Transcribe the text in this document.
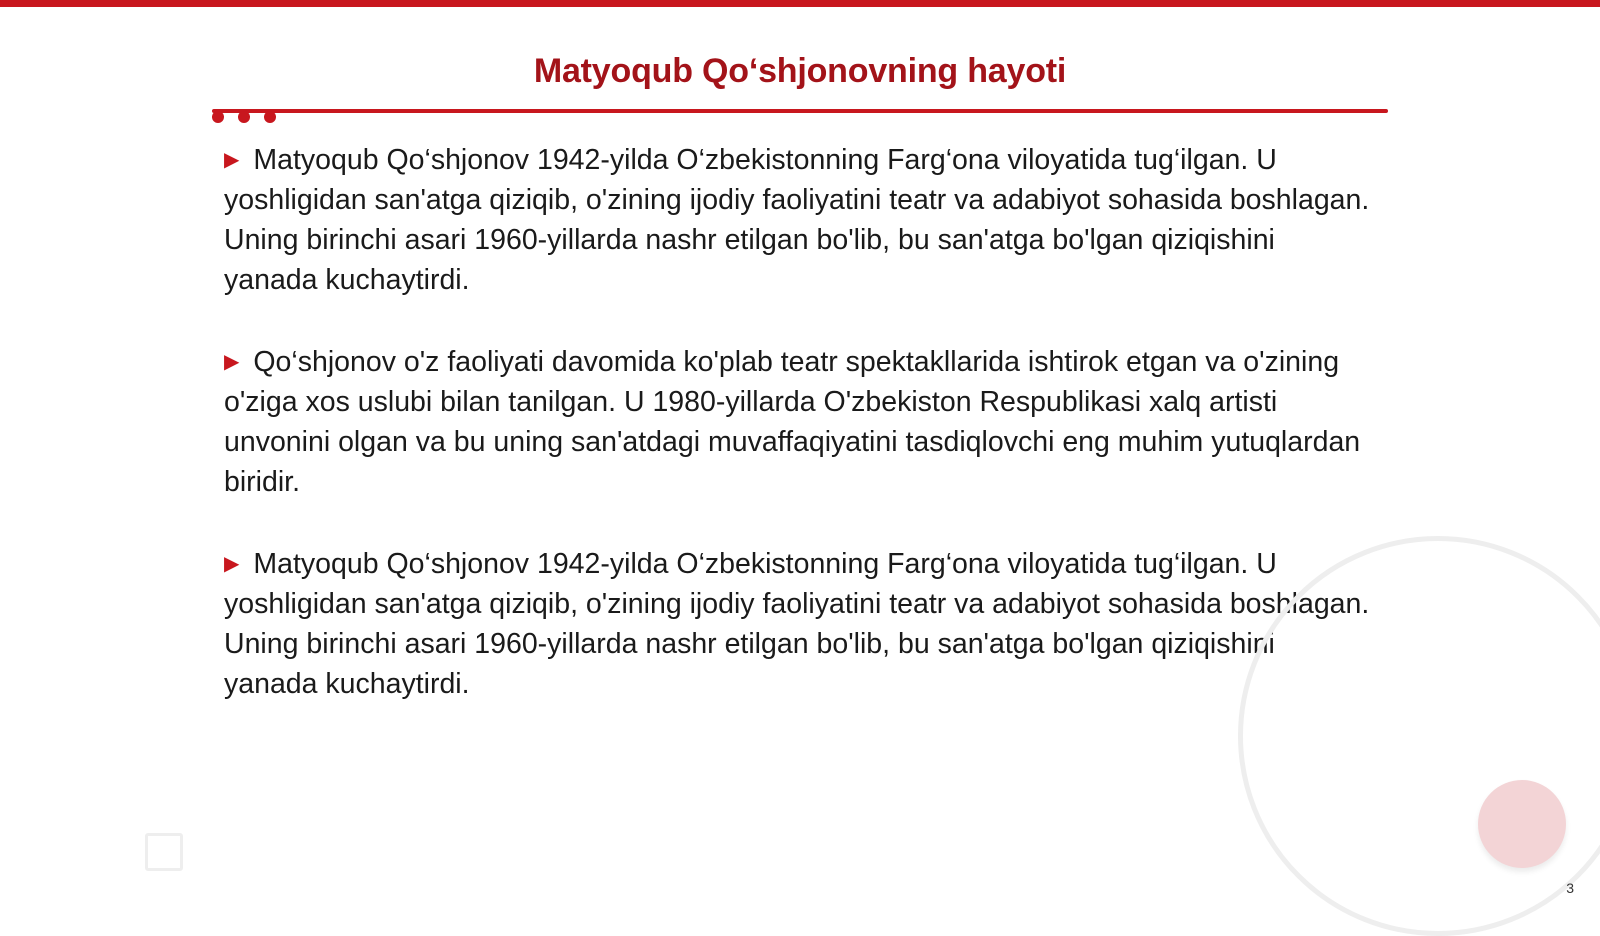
Matyoqub Qo‘shjonovning hayoti

▶ Matyoqub Qo‘shjonov 1942-yilda O‘zbekistonning Farg‘ona viloyatida tug‘ilgan. U yoshligidan san'atga qiziqib, o'zining ijodiy faoliyatini teatr va adabiyot sohasida boshlagan. Uning birinchi asari 1960-yillarda nashr etilgan bo'lib, bu san'atga bo'lgan qiziqishini yanada kuchaytirdi.

▶ Qo‘shjonov o'z faoliyati davomida ko'plab teatr spektakllarida ishtirok etgan va o'zining o'ziga xos uslubi bilan tanilgan. U 1980-yillarda O'zbekiston Respublikasi xalq artisti unvonini olgan va bu uning san'atdagi muvaffaqiyatini tasdiqlovchi eng muhim yutuqlardan biridir.

▶ Matyoqub Qo‘shjonov 1942-yilda O‘zbekistonning Farg‘ona viloyatida tug‘ilgan. U yoshligidan san'atga qiziqib, o'zining ijodiy faoliyatini teatr va adabiyot sohasida boshlagan. Uning birinchi asari 1960-yillarda nashr etilgan bo'lib, bu san'atga bo'lgan qiziqishini yanada kuchaytirdi.

3
